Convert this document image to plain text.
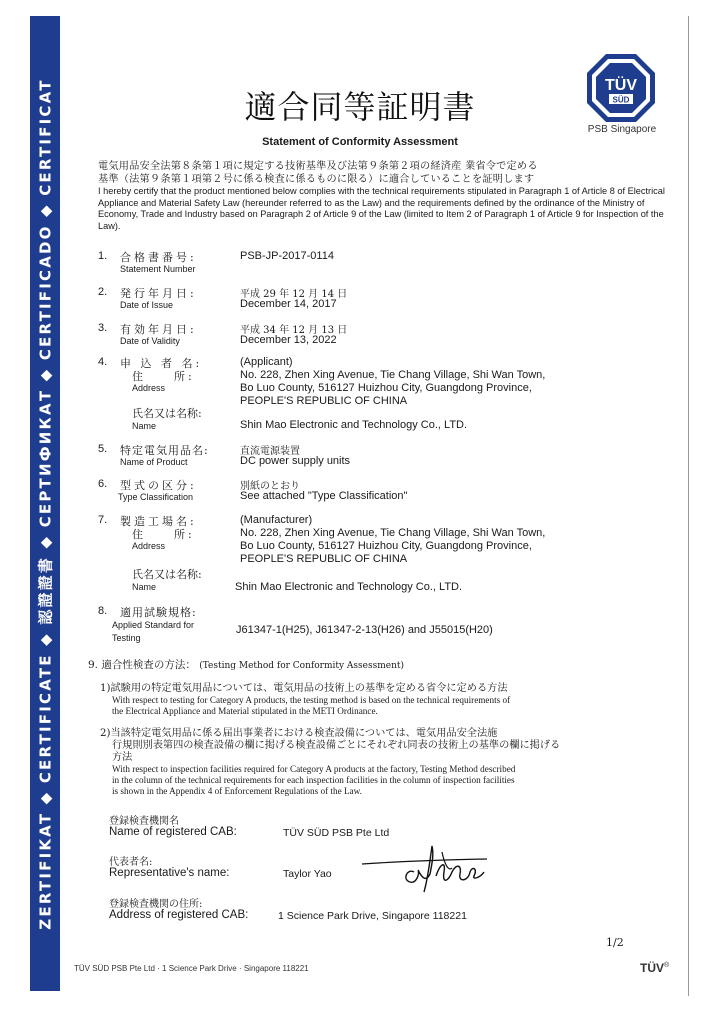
ZERTIFIKAT ◆ CERTIFICATE ◆ 認證證書 ◆ СЕРТИФИКАТ ◆ CERTIFICADO ◆ CERTIFICAT	TÜV
SÜD
PSB Singapore
適合同等証明書
Statement of Conformity Assessment
電気用品安全法第８条第１項に規定する技術基準及び法第９条第２項の経済産 業省令で定める
基準（法第９条第１項第２号に係る検査に係るものに限る）に適合していることを証明します
I hereby certify that the product mentioned below complies with the technical requirements stipulated in Paragraph 1 of Article 8 of Electrical Appliance and Material Safety Law (hereunder referred to as the Law) and the requirements defined by the ordinance of the Ministry of Economy, Trade and Industry based on Paragraph 2 of Article 9 of the Law (limited to Item 2 of Paragraph 1 of Article 9 for Inspection of the Law).
1. 合格書番号:
Statement Number
PSB-JP-2017-0114
2. 発行年月日:
Date of Issue
平成 29 年 12 月 14 日
December 14, 2017
3. 有効年月日:
Date of Validity
平成 34 年 12 月 13 日
December 13, 2022
4. 申 込 者 名:
住　　所:
Address
(Applicant)
No. 228, Zhen Xing Avenue, Tie Chang Village, Shi Wan Town,
Bo Luo County, 516127 Huizhou City, Guangdong Province,
PEOPLE'S REPUBLIC OF CHINA
氏名又は名称:
Name	Shin Mao Electronic and Technology Co., LTD.
5. 特定電気用品名:
Name of Product
直流電源装置
DC power supply units
6. 型式の区分:
Type Classification
別紙のとおり
See attached "Type Classification"
7. 製造工場名:
住　　所:
Address
(Manufacturer)
No. 228, Zhen Xing Avenue, Tie Chang Village, Shi Wan Town,
Bo Luo County, 516127 Huizhou City, Guangdong Province,
PEOPLE'S REPUBLIC OF CHINA
氏名又は名称:
Name	Shin Mao Electronic and Technology Co., LTD.
8. 適用試験規格:
Applied Standard for
Testing
J61347-1(H25), J61347-2-13(H26) and J55015(H20)
9. 適合性検査の方法： (Testing Method for Conformity Assessment)
1)試験用の特定電気用品については、電気用品の技術上の基準を定める省令に定める方法
With respect to testing for Category A products, the testing method is based on the technical requirements of
the Electrical Appliance and Material stipulated in the METI Ordinance.
2)当該特定電気用品に係る届出事業者における検査設備については、電気用品安全法施
行規則別表第四の検査設備の欄に掲げる検査設備ごとにそれぞれ同表の技術上の基準の欄に掲げる
方法
With respect to inspection facilities required for Category A products at the factory, Testing Method described
in the column of the technical requirements for each inspection facilities in the column of inspection facilities
is shown in the Appendix 4 of Enforcement Regulations of the Law.
登録検査機関名
Name of registered CAB:	TÜV SÜD PSB Pte Ltd
代表者名:
Representative's name:	Taylor Yao
登録検査機関の住所:
Address of registered CAB:	1 Science Park Drive, Singapore 118221
1/2
TÜV SÜD PSB Pte Ltd · 1 Science Park Drive · Singapore 118221	TÜV®
